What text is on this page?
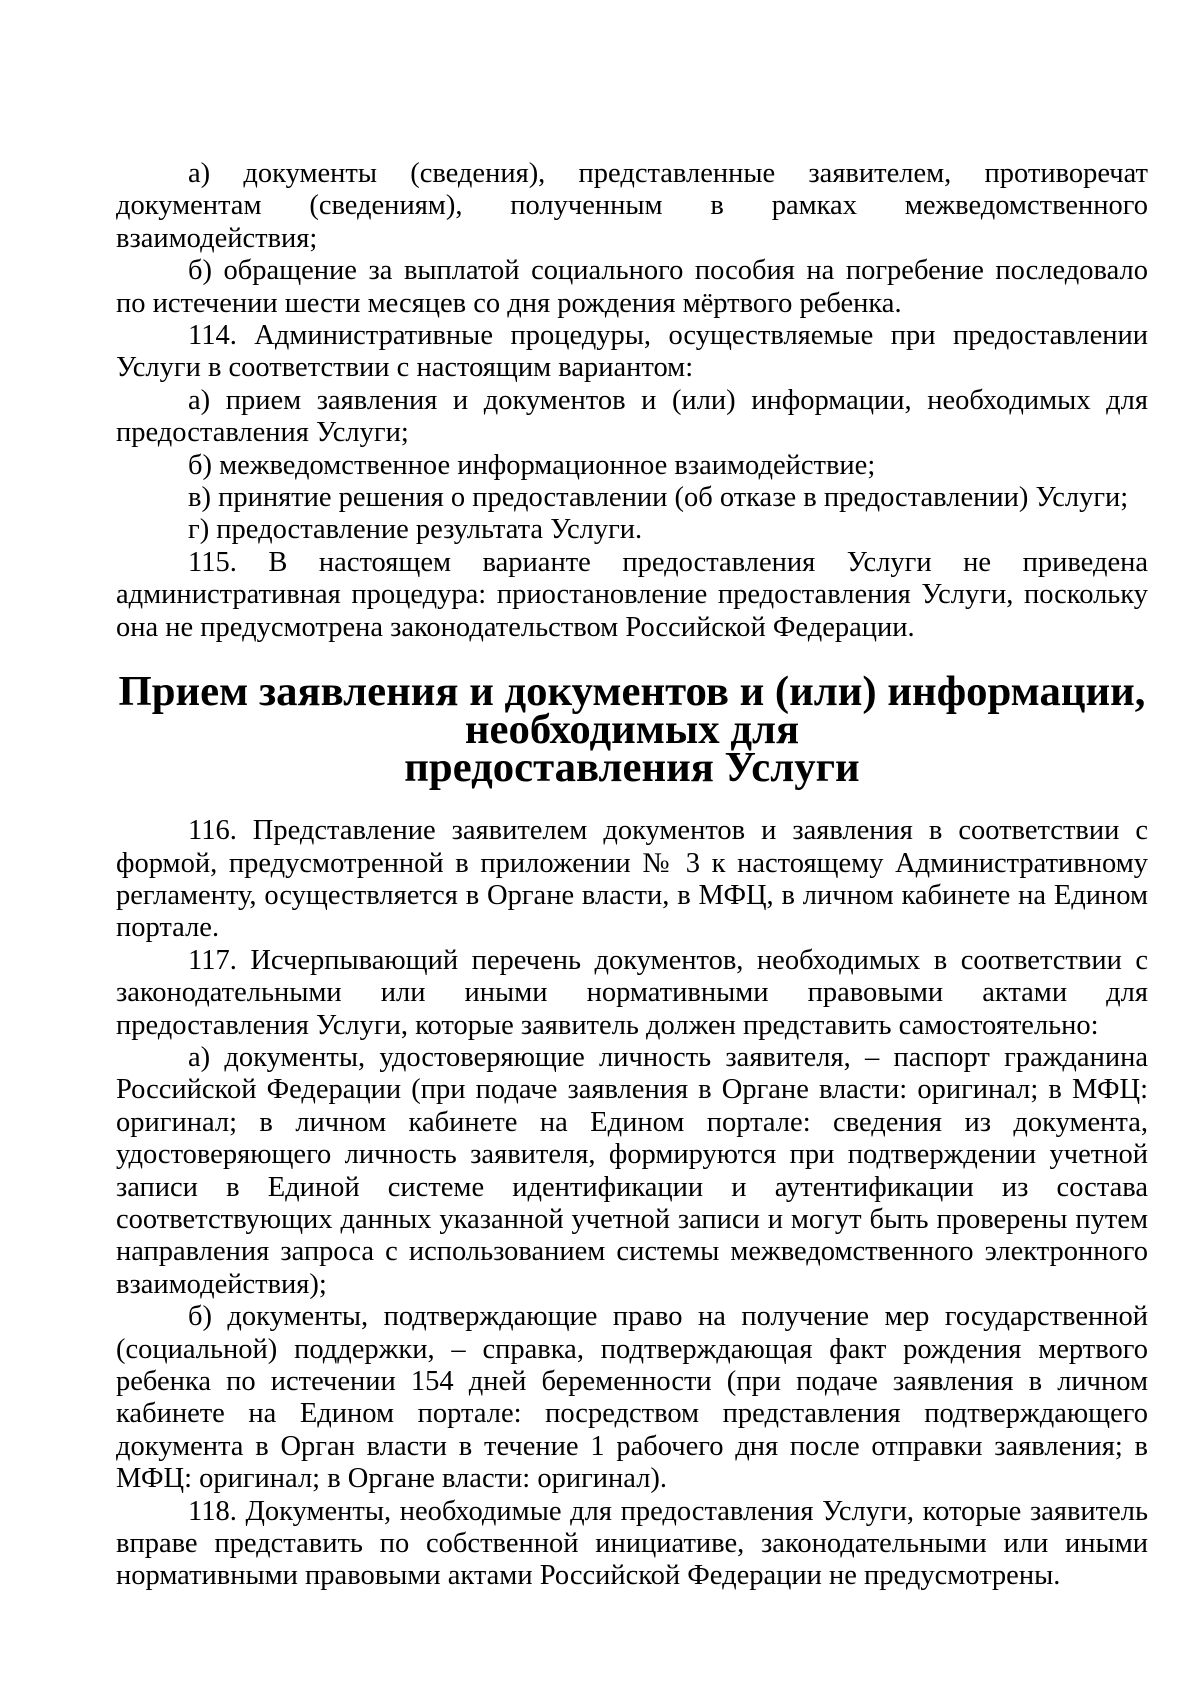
а) документы (сведения), представленные заявителем, противоречат документам (сведениям), полученным в рамках межведомственного взаимодействия;

б) обращение за выплатой социального пособия на погребение последовало по истечении шести месяцев со дня рождения мёртвого ребенка.

114. Административные процедуры, осуществляемые при предоставлении Услуги в соответствии с настоящим вариантом:

а) прием заявления и документов и (или) информации, необходимых для предоставления Услуги;

б) межведомственное информационное взаимодействие;

в) принятие решения о предоставлении (об отказе в предоставлении) Услуги;

г) предоставление результата Услуги.

115. В настоящем варианте предоставления Услуги не приведена административная процедура: приостановление предоставления Услуги, поскольку она не предусмотрена законодательством Российской Федерации.

Прием заявления и документов и (или) информации, необходимых для
предоставления Услуги

116. Представление заявителем документов и заявления в соответствии с формой, предусмотренной в приложении № 3 к настоящему Административному регламенту, осуществляется в Органе власти, в МФЦ, в личном кабинете на Едином портале.

117. Исчерпывающий перечень документов, необходимых в соответствии с законодательными или иными нормативными правовыми актами для предоставления Услуги, которые заявитель должен представить самостоятельно:

а) документы, удостоверяющие личность заявителя, – паспорт гражданина Российской Федерации (при подаче заявления в Органе власти: оригинал; в МФЦ: оригинал; в личном кабинете на Едином портале: сведения из документа, удостоверяющего личность заявителя, формируются при подтверждении учетной записи в Единой системе идентификации и аутентификации из состава соответствующих данных указанной учетной записи и могут быть проверены путем направления запроса с использованием системы межведомственного электронного взаимодействия);

б) документы, подтверждающие право на получение мер государственной (социальной) поддержки, – справка, подтверждающая факт рождения мертвого ребенка по истечении 154 дней беременности (при подаче заявления в личном кабинете на Едином портале: посредством представления подтверждающего документа в Орган власти в течение 1 рабочего дня после отправки заявления; в МФЦ: оригинал; в Органе власти: оригинал).

118. Документы, необходимые для предоставления Услуги, которые заявитель вправе представить по собственной инициативе, законодательными или иными нормативными правовыми актами Российской Федерации не предусмотрены.
